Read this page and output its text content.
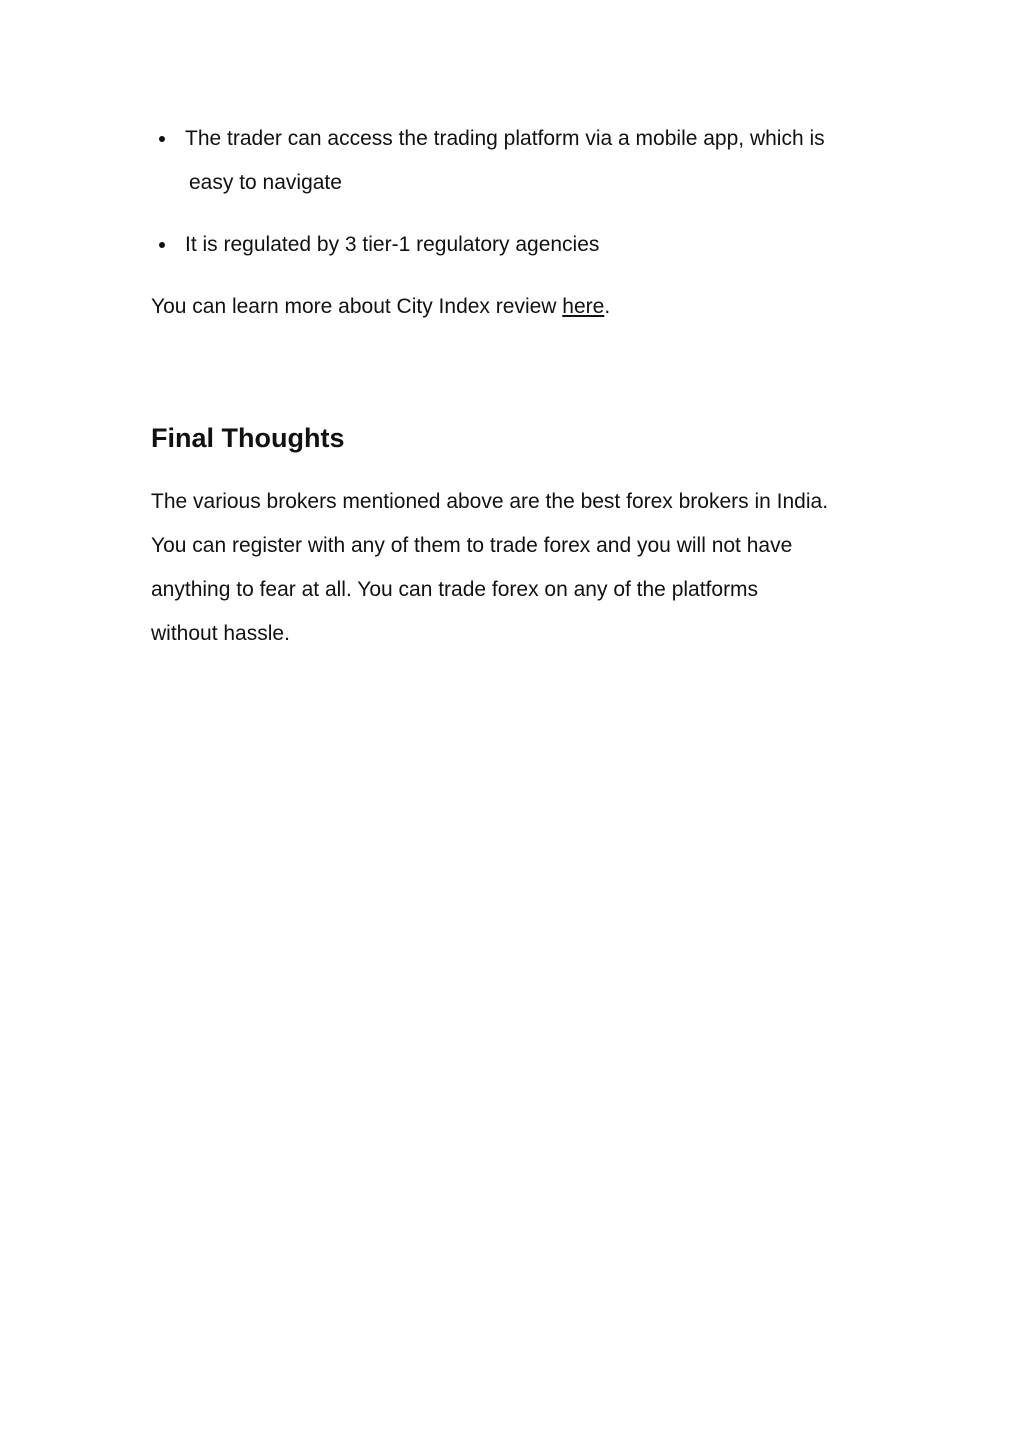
The trader can access the trading platform via a mobile app, which is
easy to navigate
It is regulated by 3 tier-1 regulatory agencies

You can learn more about City Index review here.

Final Thoughts

The various brokers mentioned above are the best forex brokers in India.
You can register with any of them to trade forex and you will not have
anything to fear at all. You can trade forex on any of the platforms
without hassle.
